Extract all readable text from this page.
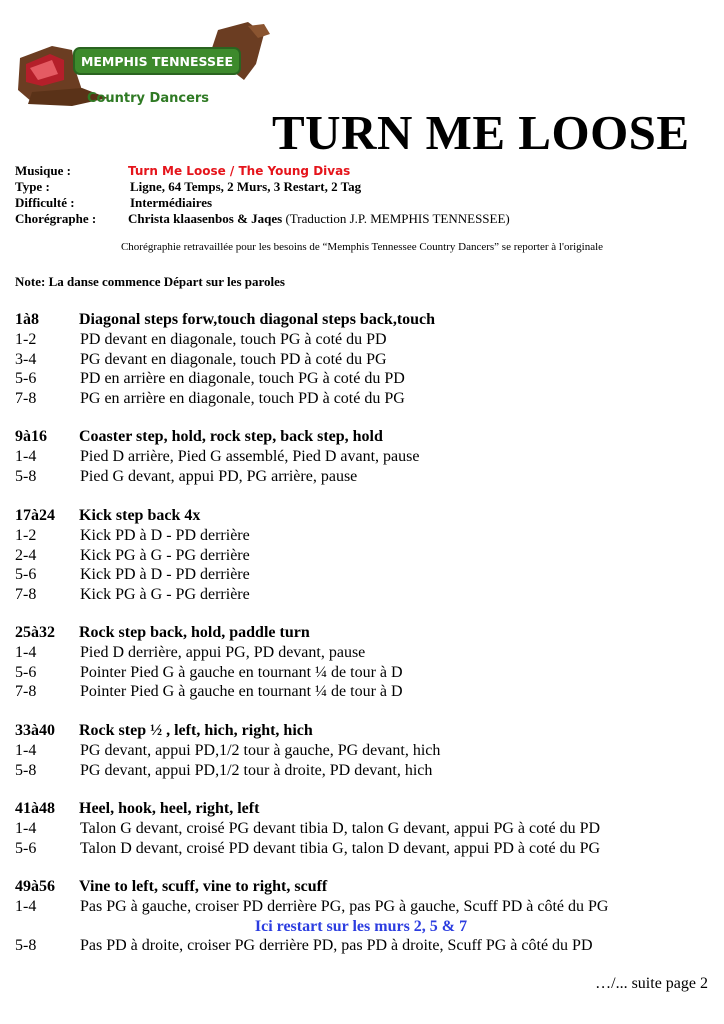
MEMPHIS TENNESSEE
Country Dancers
TURN ME LOOSE
Musique :	Turn Me Loose / The Young Divas
Type :	Ligne, 64 Temps, 2 Murs, 3 Restart, 2 Tag
Difficulté :	Intermédiaires
Chorégraphe : Christa klaasenbos & Jaqes (Traduction J.P. MEMPHIS TENNESSEE)
Chorégraphie retravaillée pour les besoins de “Memphis Tennessee Country Dancers” se reporter à l'originale
Note: La danse commence Départ sur les paroles
1à8	Diagonal steps forw,touch diagonal steps back,touch
1-2	PD devant en diagonale, touch PG à coté du PD
3-4	PG devant en diagonale, touch PD à coté du PG
5-6	PD en arrière en diagonale, touch PG à coté du PD
7-8	PG en arrière en diagonale, touch PD à coté du PG
9à16 Coaster step, hold, rock step, back step, hold
1-4	Pied D arrière, Pied G assemblé, Pied D avant, pause
5-8	Pied G devant, appui PD, PG arrière, pause
17à24 Kick step back 4x
1-2	Kick PD à D - PD derrière
2-4	Kick PG à G - PG derrière
5-6	Kick PD à D - PD derrière
7-8	Kick PG à G - PG derrière
25à32 Rock step back, hold, paddle turn
1-4	Pied D derrière, appui PG, PD devant, pause
5-6	Pointer Pied G à gauche en tournant ¼ de tour à D
7-8	Pointer Pied G à gauche en tournant ¼ de tour à D
33à40 Rock step ½ , left, hich, right, hich
1-4	PG devant, appui PD,1/2 tour à gauche, PG devant, hich
5-8	PG devant, appui PD,1/2 tour à droite, PD devant, hich
41à48 Heel, hook, heel, right, left
1-4	Talon G devant, croisé PG devant tibia D, talon G devant, appui PG à coté du PD
5-6	Talon D devant, croisé PD devant tibia G, talon D devant, appui PD à coté du PG
49à56 Vine to left, scuff, vine to right, scuff
1-4	Pas PG à gauche, croiser PD derrière PG, pas PG à gauche, Scuff PD à côté du PG
Ici restart sur les murs 2, 5 & 7
5-8	Pas PD à droite, croiser PG derrière PD, pas PD à droite, Scuff PG à côté du PD
…/... suite page 2
